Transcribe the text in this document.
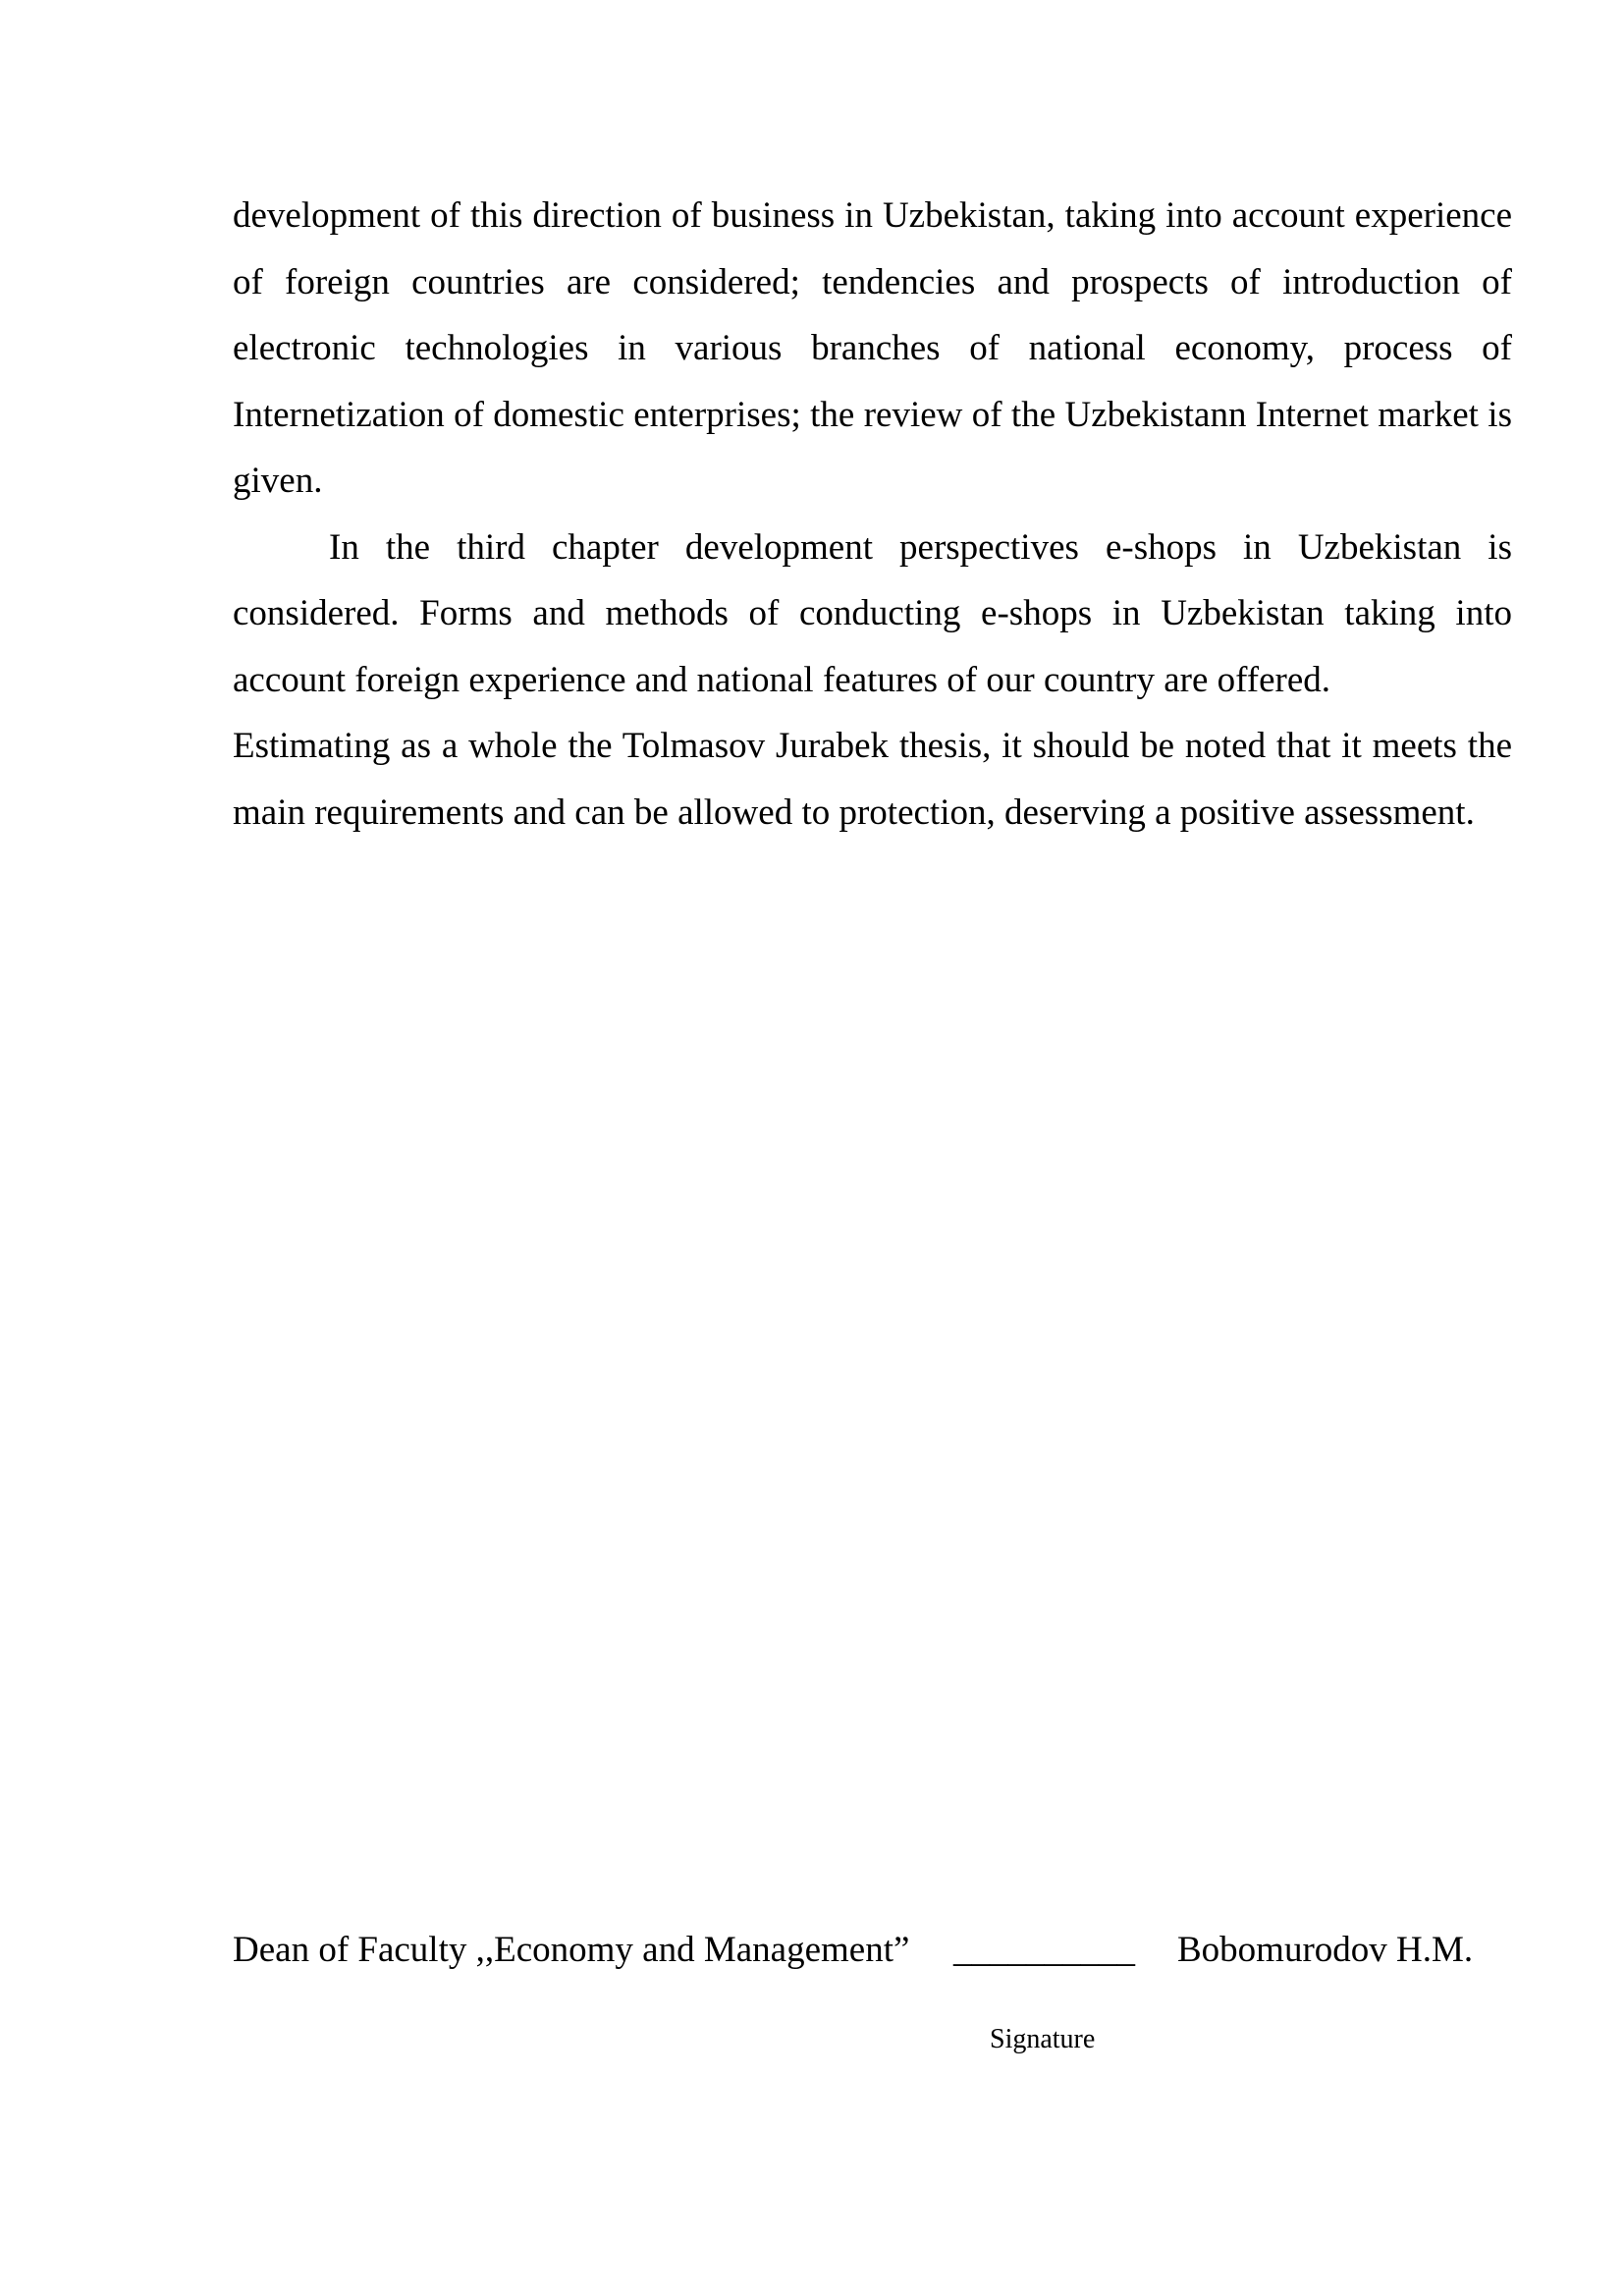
development of this direction of business in Uzbekistan, taking into account experience of foreign countries are considered; tendencies and prospects of introduction of electronic technologies in various branches of national economy, process of Internetization of domestic enterprises; the review of the Uzbekistann Internet market is given.

In the third chapter development perspectives e-shops in Uzbekistan is considered. Forms and methods of conducting e-shops in Uzbekistan taking into account foreign experience and national features of our country are offered.

Estimating as a whole the Tolmasov Jurabek thesis, it should be noted that it meets the main requirements and can be allowed to protection, deserving a positive assessment.

Dean of Faculty ,,Economy and Management”

__________

Bobomurodov H.M.

Signature
